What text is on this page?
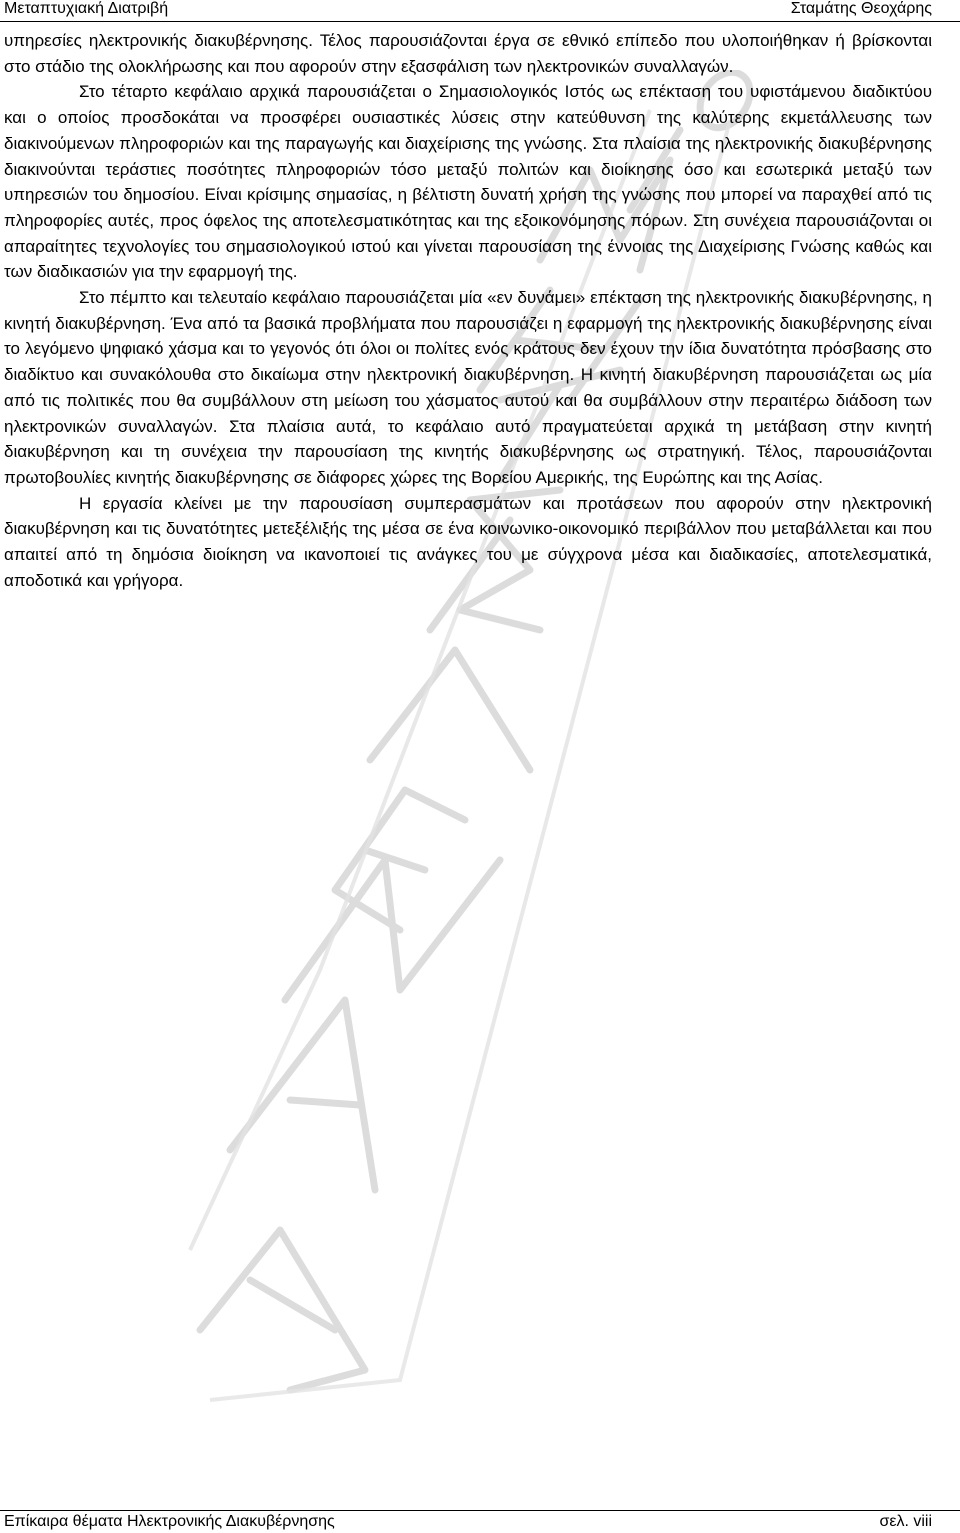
Μεταπτυχιακή Διατριβή	Σταμάτης Θεοχάρης

υπηρεσίες ηλεκτρονικής διακυβέρνησης. Τέλος παρουσιάζονται έργα σε εθνικό επίπεδο που υλοποιήθηκαν ή βρίσκονται στο στάδιο της ολοκλήρωσης και που αφορούν στην εξασφάλιση των ηλεκτρονικών συναλλαγών.

Στο τέταρτο κεφάλαιο αρχικά παρουσιάζεται ο Σημασιολογικός Ιστός ως επέκταση του υφιστάμενου διαδικτύου και ο οποίος προσδοκάται να προσφέρει ουσιαστικές λύσεις στην κατεύθυνση της καλύτερης εκμετάλλευσης των διακινούμενων πληροφοριών και της παραγωγής και διαχείρισης της γνώσης. Στα πλαίσια της ηλεκτρονικής διακυβέρνησης διακινούνται τεράστιες ποσότητες πληροφοριών τόσο μεταξύ πολιτών και διοίκησης όσο και εσωτερικά μεταξύ των υπηρεσιών του δημοσίου. Είναι κρίσιμης σημασίας, η βέλτιστη δυνατή χρήση της γνώσης που μπορεί να παραχθεί από τις πληροφορίες αυτές, προς όφελος της αποτελεσματικότητας και της εξοικονόμησης πόρων. Στη συνέχεια παρουσιάζονται οι απαραίτητες τεχνολογίες του σημασιολογικού ιστού και γίνεται παρουσίαση της έννοιας της Διαχείρισης Γνώσης καθώς και των διαδικασιών για την εφαρμογή της.

Στο πέμπτο και τελευταίο κεφάλαιο παρουσιάζεται μία «εν δυνάμει» επέκταση της ηλεκτρονικής διακυβέρνησης, η κινητή διακυβέρνηση. Ένα από τα βασικά προβλήματα που παρουσιάζει η εφαρμογή της ηλεκτρονικής διακυβέρνησης είναι το λεγόμενο ψηφιακό χάσμα και το γεγονός ότι όλοι οι πολίτες ενός κράτους δεν έχουν την ίδια δυνατότητα πρόσβασης στο διαδίκτυο και συνακόλουθα στο δικαίωμα στην ηλεκτρονική διακυβέρνηση. Η κινητή διακυβέρνηση παρουσιάζεται ως μία από τις πολιτικές που θα συμβάλλουν στη μείωση του χάσματος αυτού και θα συμβάλλουν στην περαιτέρω διάδοση των ηλεκτρονικών συναλλαγών. Στα πλαίσια αυτά, το κεφάλαιο αυτό πραγματεύεται αρχικά τη μετάβαση στην κινητή διακυβέρνηση και τη συνέχεια την παρουσίαση της κινητής διακυβέρνησης ως στρατηγική. Τέλος, παρουσιάζονται πρωτοβουλίες κινητής διακυβέρνησης σε διάφορες χώρες της Βορείου Αμερικής, της Ευρώπης και της Ασίας.

Η εργασία κλείνει με την παρουσίαση συμπερασμάτων και προτάσεων που αφορούν στην ηλεκτρονική διακυβέρνηση και τις δυνατότητες μετεξέλιξής της μέσα σε ένα κοινωνικο-οικονομικό περιβάλλον που μεταβάλλεται και που απαιτεί από τη δημόσια διοίκηση να ικανοποιεί τις ανάγκες του με σύγχρονα μέσα και διαδικασίες, αποτελεσματικά, αποδοτικά και γρήγορα.

Επίκαιρα θέματα Ηλεκτρονικής Διακυβέρνησης	σελ. viii
